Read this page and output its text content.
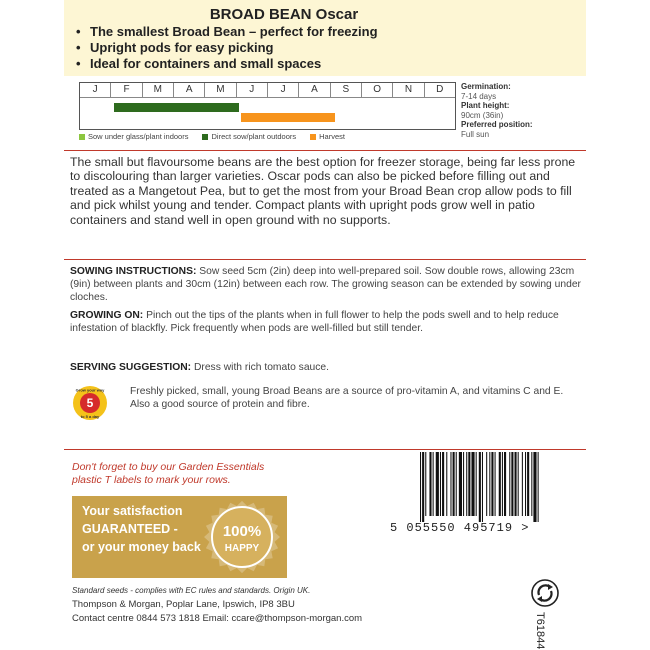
BROAD BEAN Oscar
• The smallest Broad Bean – perfect for freezing
• Upright pods for easy picking
• Ideal for containers and small spaces
J	F	M	A	M	J	J	A	S	O	N	D
Sow under glass/plant indoors	Direct sow/plant outdoors	Harvest
Germination:
7-14 days
Plant height:
90cm (36in)
Preferred position:
Full sun

The small but flavoursome beans are the best option for freezer storage, being far less prone to discolouring than larger varieties. Oscar pods can also be picked before filling out and treated as a Mangetout Pea, but to get the most from your Broad Bean crop allow pods to fill and pick whilst young and tender. Compact plants with upright pods grow well in patio containers and stand well in open ground with no supports.

SOWING INSTRUCTIONS: Sow seed 5cm (2in) deep into well-prepared soil. Sow double rows, allowing 23cm (9in) between plants and 30cm (12in) between each row. The growing season can be extended by sowing under cloches.

GROWING ON: Pinch out the tips of the plants when in full flower to help the pods swell and to help reduce infestation of blackfly. Pick frequently when pods are well-filled but still tender.

SERVING SUGGESTION: Dress with rich tomato sauce.

5
Grow your way
to 5 a day
Freshly picked, small, young Broad Beans are a source of pro-vitamin A, and vitamins C and E. Also a good source of protein and fibre.
Don't forget to buy our Garden Essentials
plastic T labels to mark your rows.
Your satisfaction
GUARANTEED -
or your money back
100%
HAPPY
5 055550 495719 >
Standard seeds - complies with EC rules and standards. Origin UK.
Thompson & Morgan, Poplar Lane, Ipswich, IP8 3BU
Contact centre 0844 573 1818 Email: ccare@thompson-morgan.com	T61844
